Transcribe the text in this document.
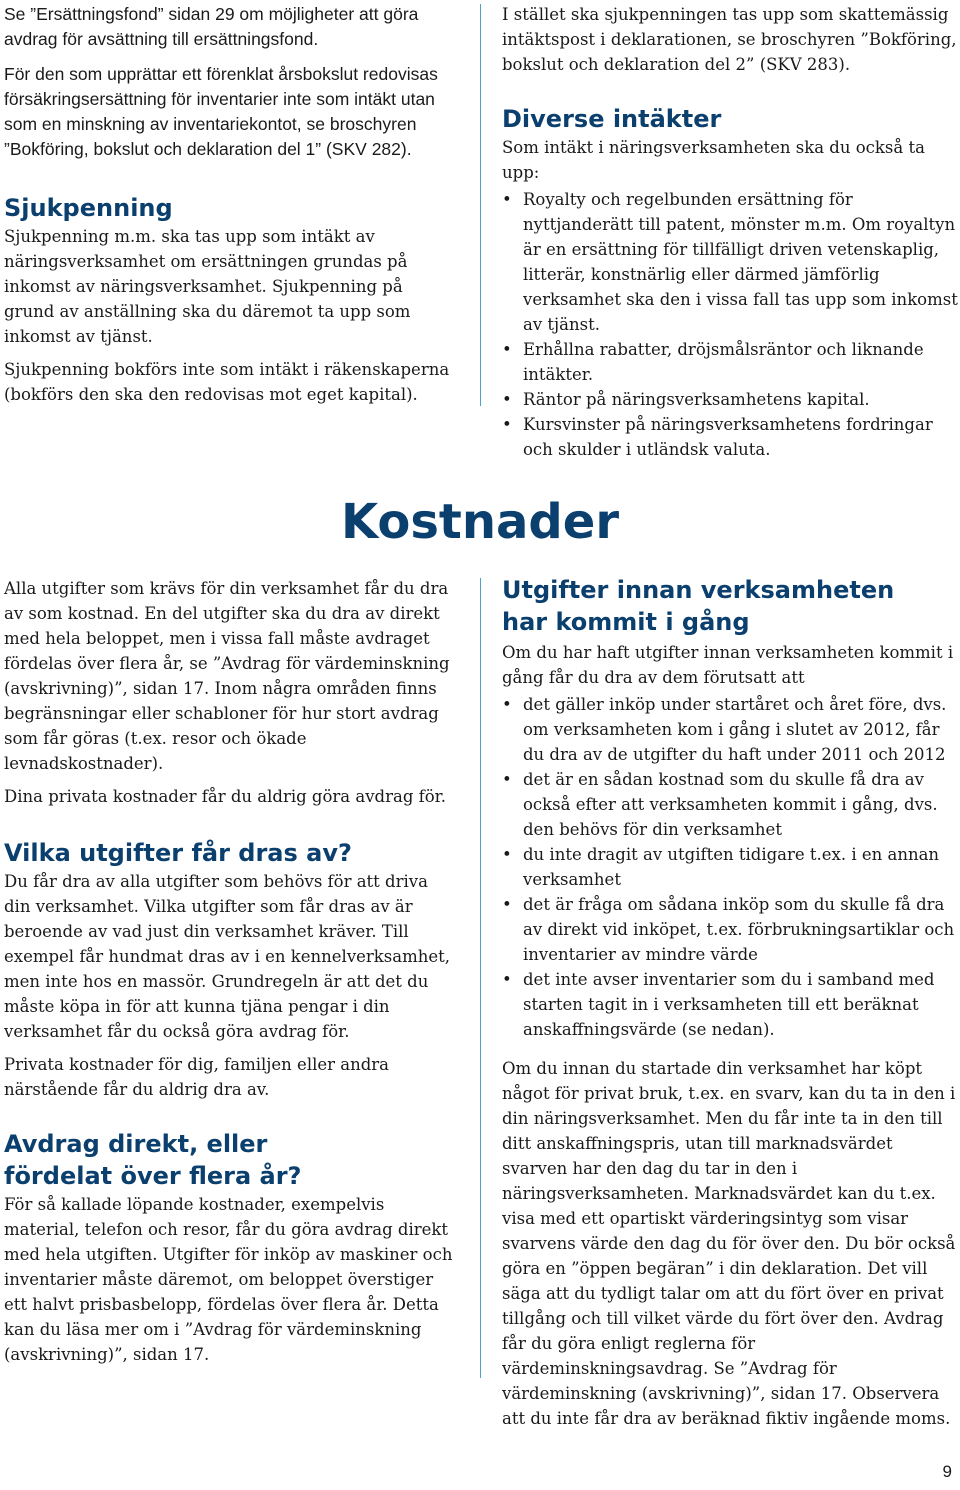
Se ”Ersättningsfond” sidan 29 om möjligheter att göra avdrag för avsättning till ersättningsfond.

För den som upprättar ett förenklat årsbokslut redovisas försäkringsersättning för inventarier inte som intäkt utan som en minskning av inventariekontot, se broschyren ”Bokföring, bokslut och deklaration del 1” (SKV 282).

Sjukpenning

Sjukpenning m.m. ska tas upp som intäkt av näringsverksamhet om ersättningen grundas på inkomst av näringsverksamhet. Sjukpenning på grund av anställning ska du däremot ta upp som inkomst av tjänst.

Sjukpenning bokförs inte som intäkt i räkenskaperna (bokförs den ska den redovisas mot eget kapital).

I stället ska sjukpenningen tas upp som skattemässig intäktspost i deklarationen, se broschyren ”Bokföring, bokslut och deklaration del 2” (SKV 283).

Diverse intäkter

Som intäkt i näringsverksamheten ska du också ta upp:

• Royalty och regelbunden ersättning för nyttjanderätt till patent, mönster m.m. Om royaltyn är en ersättning för tillfälligt driven vetenskaplig, litterär, konstnärlig eller därmed jämförlig verksamhet ska den i vissa fall tas upp som inkomst av tjänst.
• Erhållna rabatter, dröjsmålsräntor och liknande intäkter.
• Räntor på näringsverksamhetens kapital.
• Kursvinster på näringsverksamhetens fordringar och skulder i utländsk valuta.
Kostnader

Alla utgifter som krävs för din verksamhet får du dra av som kostnad. En del utgifter ska du dra av direkt med hela beloppet, men i vissa fall måste avdraget fördelas över flera år, se ”Avdrag för värdeminskning (avskrivning)”, sidan 17. Inom några områden finns begränsningar eller schabloner för hur stort avdrag som får göras (t.ex. resor och ökade levnadskostnader).

Dina privata kostnader får du aldrig göra avdrag för.

Vilka utgifter får dras av?

Du får dra av alla utgifter som behövs för att driva din verksamhet. Vilka utgifter som får dras av är beroende av vad just din verksamhet kräver. Till exempel får hundmat dras av i en kennelverksamhet, men inte hos en massör. Grundregeln är att det du måste köpa in för att kunna tjäna pengar i din verksamhet får du också göra avdrag för.

Privata kostnader för dig, familjen eller andra närstående får du aldrig dra av.

Avdrag direkt, eller
fördelat över flera år?

För så kallade löpande kostnader, exempelvis material, telefon och resor, får du göra avdrag direkt med hela utgiften. Utgifter för inköp av maskiner och inventarier måste däremot, om beloppet överstiger ett halvt prisbasbelopp, fördelas över flera år. Detta kan du läsa mer om i ”Avdrag för värdeminskning (avskrivning)”, sidan 17.

Utgifter innan verksamheten
har kommit i gång

Om du har haft utgifter innan verksamheten kommit i gång får du dra av dem förutsatt att

• det gäller inköp under startåret och året före, dvs. om verksamheten kom i gång i slutet av 2012, får du dra av de utgifter du haft under 2011 och 2012
• det är en sådan kostnad som du skulle få dra av också efter att verksamheten kommit i gång, dvs. den behövs för din verksamhet
• du inte dragit av utgiften tidigare t.ex. i en annan verksamhet
• det är fråga om sådana inköp som du skulle få dra av direkt vid inköpet, t.ex. förbrukningsartiklar och inventarier av mindre värde
• det inte avser inventarier som du i samband med starten tagit in i verksamheten till ett beräknat anskaffningsvärde (se nedan).

Om du innan du startade din verksamhet har köpt något för privat bruk, t.ex. en svarv, kan du ta in den i din näringsverksamhet. Men du får inte ta in den till ditt anskaffningspris, utan till marknadsvärdet svarven har den dag du tar in den i näringsverksamheten. Marknadsvärdet kan du t.ex. visa med ett opartiskt värderingsintyg som visar svarvens värde den dag du för över den. Du bör också göra en ”öppen begäran” i din deklaration. Det vill säga att du tydligt talar om att du fört över en privat tillgång och till vilket värde du fört över den. Avdrag får du göra enligt reglerna för värdeminskningsavdrag. Se ”Avdrag för värdeminskning (avskrivning)”, sidan 17. Observera att du inte får dra av beräknad fiktiv ingående moms.

9
